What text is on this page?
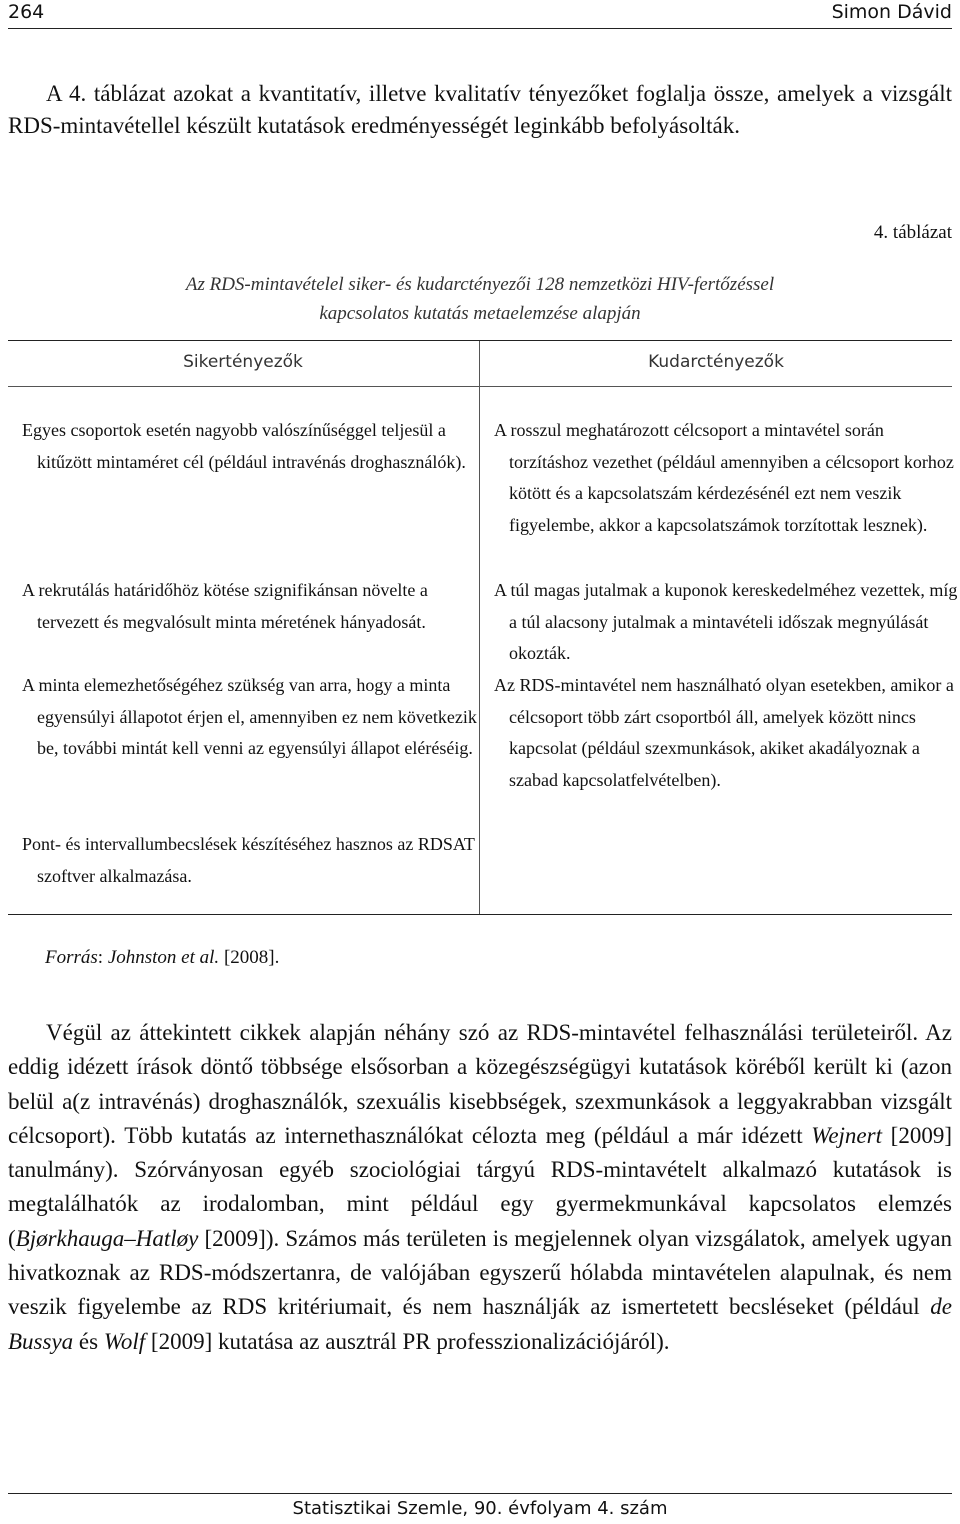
264	Simon Dávid

A 4. táblázat azokat a kvantitatív, illetve kvalitatív tényezőket foglalja össze, amelyek a vizsgált RDS-mintavétellel készült kutatások eredményességét leginkább befolyásolták.

4. táblázat
Az RDS-mintavételel siker- és kudarctényezői 128 nemzetközi HIV-fertőzéssel
kapcsolatos kutatás metaelemzése alapján
Sikertényezők	Kudarctényezők

Egyes csoportok esetén nagyobb valószínűséggel teljesül a kitűzött mintaméret cél (például intravénás droghasználók).

A rekrutálás határidőhöz kötése szignifikánsan növelte a tervezett és megvalósult minta méretének hányadosát.

A minta elemezhetőségéhez szükség van arra, hogy a minta egyensúlyi állapotot érjen el, amennyiben ez nem következik be, további mintát kell venni az egyensúlyi állapot eléréséig.

Pont- és intervallumbecslések készítéséhez hasznos az RDSAT szoftver alkalmazása.

A rosszul meghatározott célcsoport a mintavétel során torzításhoz vezethet (például amennyiben a célcsoport korhoz kötött és a kapcsolatszám kérdezésénél ezt nem veszik figyelembe, akkor a kapcsolatszámok torzítottak lesznek).

A túl magas jutalmak a kuponok kereskedelméhez vezettek, míg a túl alacsony jutalmak a mintavételi időszak megnyúlását okozták.

Az RDS-mintavétel nem használható olyan esetekben, amikor a célcsoport több zárt csoportból áll, amelyek között nincs kapcsolat (például szexmunkások, akiket akadályoznak a szabad kapcsolatfelvételben).

Forrás: Johnston et al. [2008].

Végül az áttekintett cikkek alapján néhány szó az RDS-mintavétel felhasználási területeiről. Az eddig idézett írások döntő többsége elsősorban a közegészségügyi kutatások köréből került ki (azon belül a(z intravénás) droghasználók, szexuális kisebbségek, szexmunkások a leggyakrabban vizsgált célcsoport). Több kutatás az internethasználókat célozta meg (például a már idézett Wejnert [2009] tanulmány). Szórványosan egyéb szociológiai tárgyú RDS-mintavételt alkalmazó kutatások is megtalálhatók az irodalomban, mint például egy gyermekmunkával kapcsolatos elemzés (Bjørkhauga–Hatløy [2009]). Számos más területen is megjelennek olyan vizsgálatok, amelyek ugyan hivatkoznak az RDS-módszertanra, de valójában egyszerű hólabda mintavételen alapulnak, és nem veszik figyelembe az RDS kritériumait, és nem használják az ismertetett becsléseket (például de Bussya és Wolf [2009] kutatása az ausztrál PR professzionalizációjáról).

Statisztikai Szemle, 90. évfolyam 4. szám
